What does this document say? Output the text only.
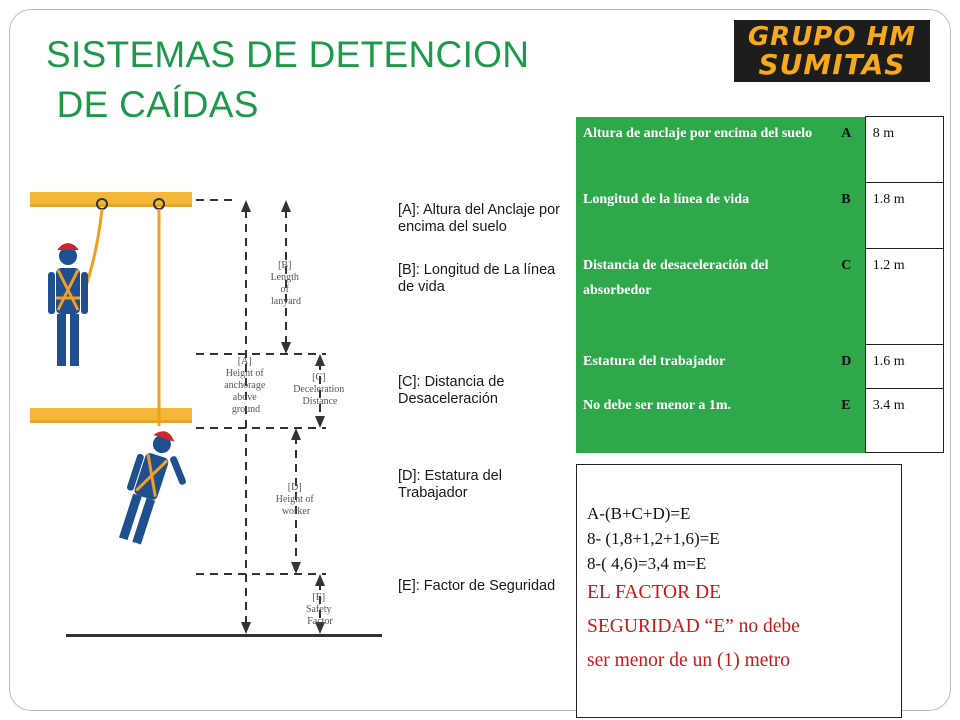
SISTEMAS DE DETENCION
DE CAÍDAS
GRUPO HM
SUMITAS
[B] Length of lanyard
[A] Height of anchorage above ground
[C] Deceleration Distance
[D] Height of worker
[E] Safety Factor
[A]: Altura del Anclaje por encima del suelo
[B]: Longitud de La línea de vida
[C]: Distancia de Desaceleración
[D]: Estatura del Trabajador
[E]: Factor de Seguridad
Altura de anclaje por encima del suelo	A	8 m
Longitud de la línea de vida	B	1.8 m
Distancia de desaceleración del absorbedor	C	1.2 m
Estatura del trabajador	D	1.6 m
No debe ser menor a 1m.	E	3.4 m
A-(B+C+D)=E
8- (1,8+1,2+1,6)=E
8-( 4,6)=3,4 m=E
EL FACTOR DE
SEGURIDAD “E” no debe
ser menor de un (1) metro
